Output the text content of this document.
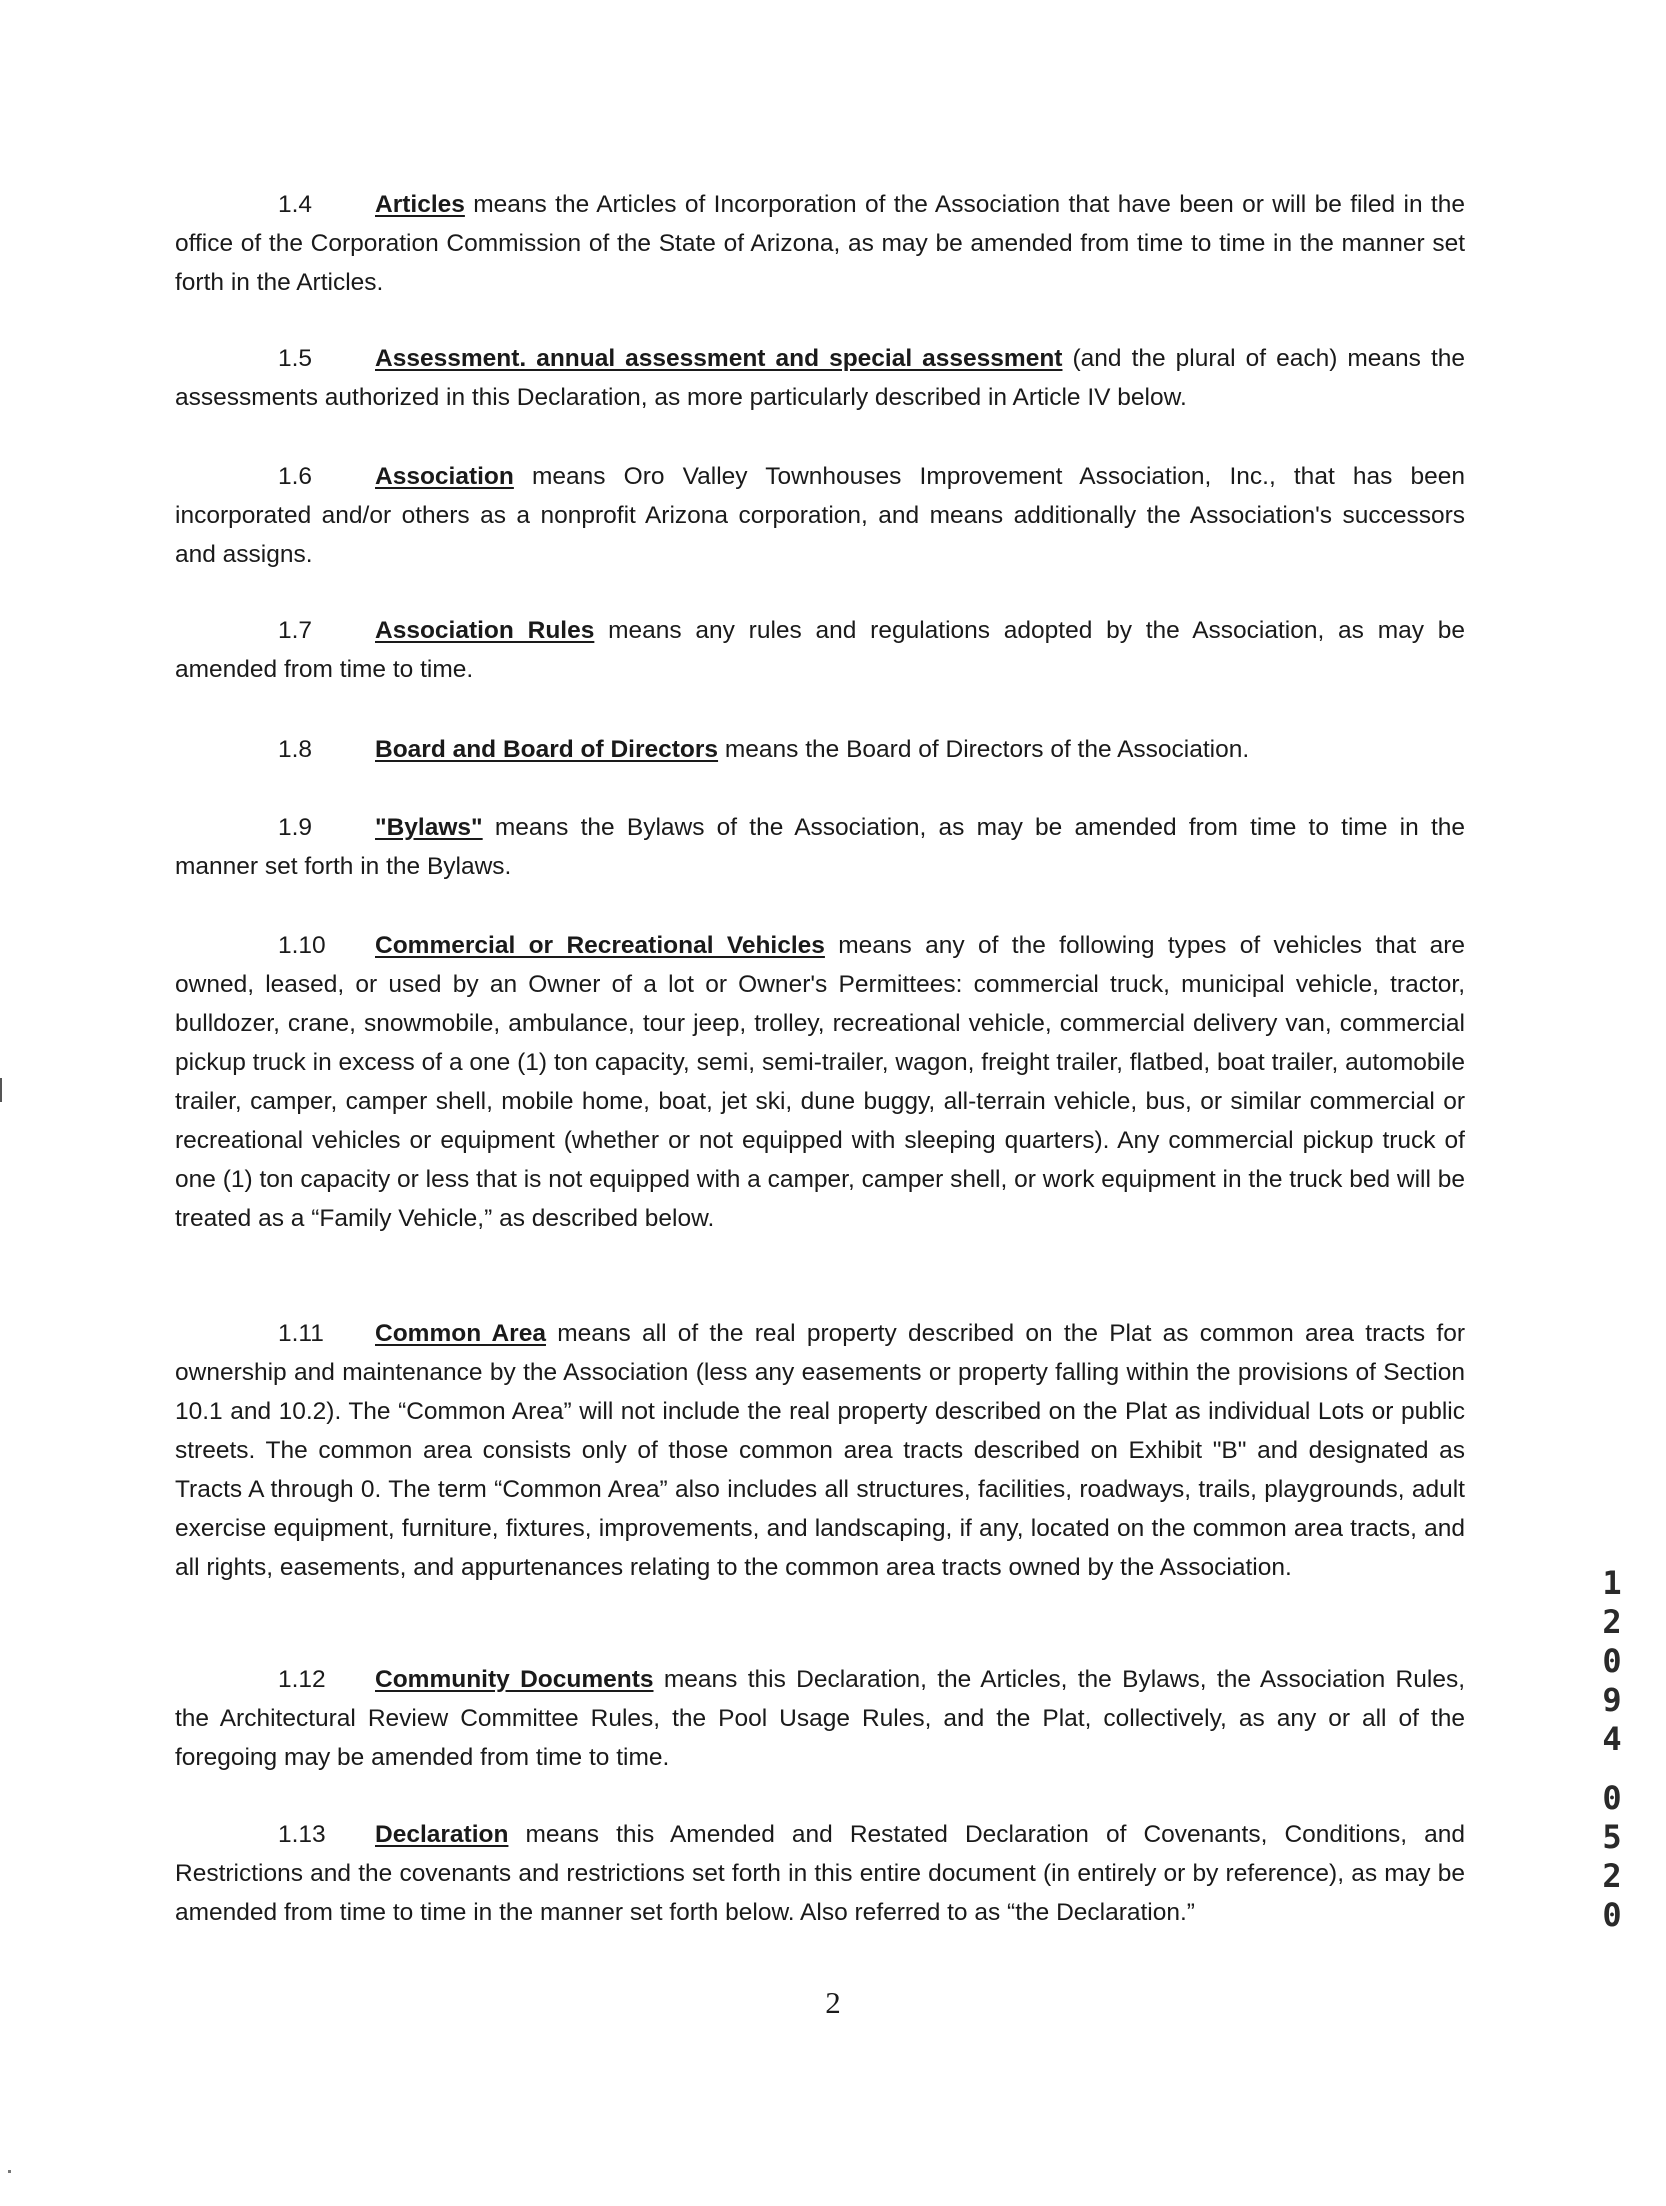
1.4	Articles means the Articles of Incorporation of the Association that have been or will be filed in the office of the Corporation Commission of the State of Arizona, as may be amended from time to time in the manner set forth in the Articles.

1.5	Assessment. annual assessment and special assessment (and the plural of each) means the assessments authorized in this Declaration, as more particularly described in Article IV below.

1.6	Association means Oro Valley Townhouses Improvement Association, Inc., that has been incorporated and/or others as a nonprofit Arizona corporation, and means additionally the Association's successors and assigns.

1.7	Association Rules means any rules and regulations adopted by the Association, as may be amended from time to time.

1.8	Board and Board of Directors means the Board of Directors of the Association.

1.9	"Bylaws" means the Bylaws of the Association, as may be amended from time to time in the manner set forth in the Bylaws.

1.10 Commercial or Recreational Vehicles means any of the following types of vehicles that are owned, leased, or used by an Owner of a lot or Owner's Permittees: commercial truck, municipal vehicle, tractor, bulldozer, crane, snowmobile, ambulance, tour jeep, trolley, recreational vehicle, commercial delivery van, commercial pickup truck in excess of a one (1) ton capacity, semi, semi-trailer, wagon, freight trailer, flatbed, boat trailer, automobile trailer, camper, camper shell, mobile home, boat, jet ski, dune buggy, all-terrain vehicle, bus, or similar commercial or recreational vehicles or equipment (whether or not equipped with sleeping quarters). Any commercial pickup truck of one (1) ton capacity or less that is not equipped with a camper, camper shell, or work equipment in the truck bed will be treated as a “Family Vehicle,” as described below.

1.11 Common Area means all of the real property described on the Plat as common area tracts for ownership and maintenance by the Association (less any easements or property falling within the provisions of Section 10.1 and 10.2). The “Common Area” will not include the real property described on the Plat as individual Lots or public streets. The common area consists only of those common area tracts described on Exhibit "B" and designated as Tracts A through 0. The term “Common Area” also includes all structures, facilities, roadways, trails, playgrounds, adult exercise equipment, furniture, fixtures, improvements, and landscaping, if any, located on the common area tracts, and all rights, easements, and appurtenances relating to the common area tracts owned by the Association.

1.12 Community Documents means this Declaration, the Articles, the Bylaws, the Association Rules, the Architectural Review Committee Rules, the Pool Usage Rules, and the Plat, collectively, as any or all of the foregoing may be amended from time to time.

1.13 Declaration means this Amended and Restated Declaration of Covenants, Conditions, and Restrictions and the covenants and restrictions set forth in this entire document (in entirely or by reference), as may be amended from time to time in the manner set forth below. Also referred to as “the Declaration.”

2
1
2
0
9
4
0
5
2
0
